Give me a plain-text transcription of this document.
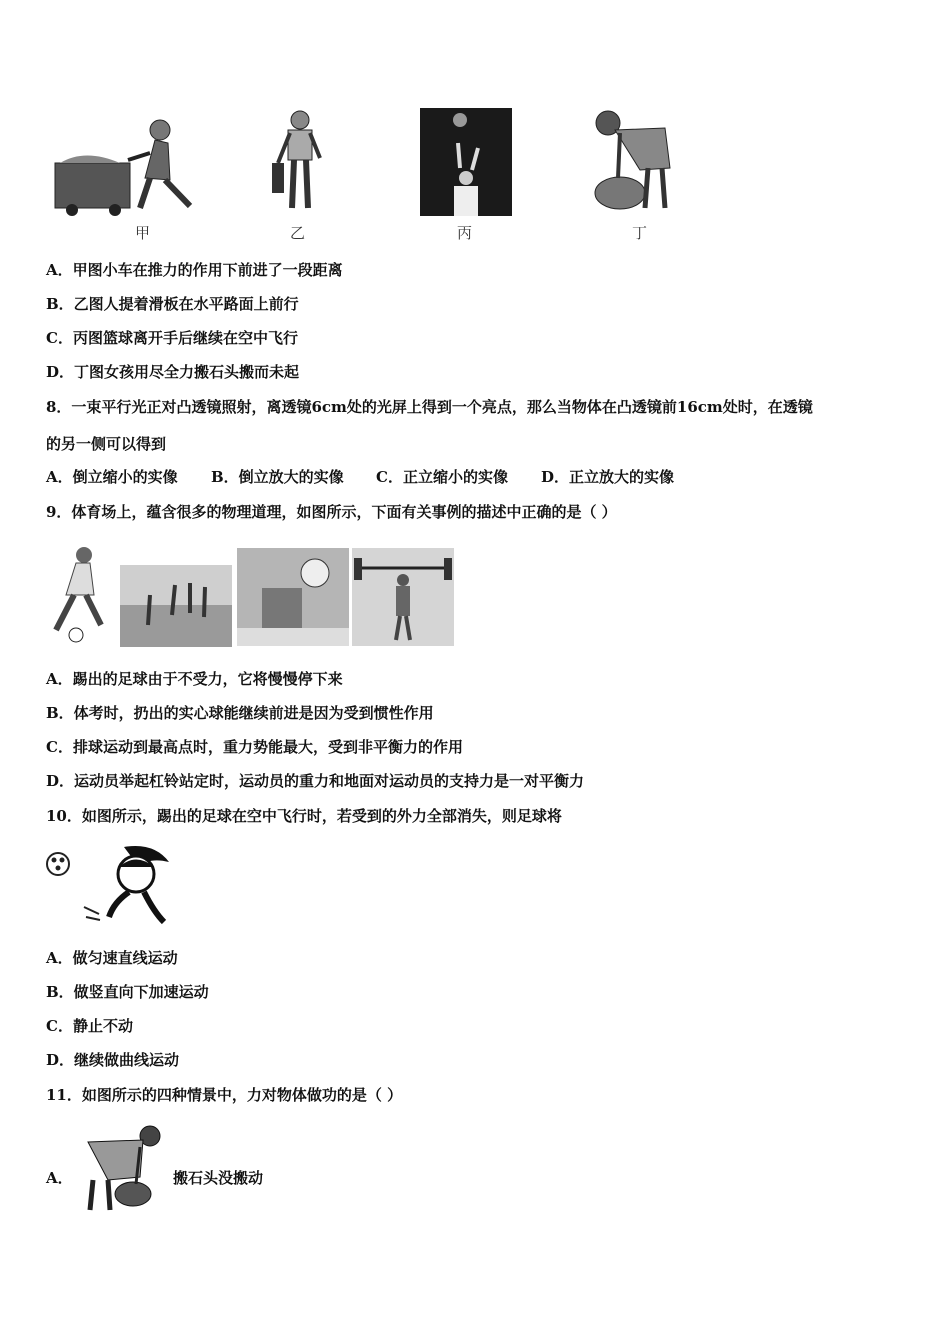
甲	乙	丙	丁
A．甲图小车在推力的作用下前进了一段距离
B．乙图人提着滑板在水平路面上前行
C．丙图篮球离开手后继续在空中飞行
D．丁图女孩用尽全力搬石头搬而未起
8．一束平行光正对凸透镜照射，离透镜6cm处的光屏上得到一个亮点，那么当物体在凸透镜前16cm处时，在透镜
的另一侧可以得到
A．倒立缩小的实像 B．倒立放大的实像 C．正立缩小的实像 D．正立放大的实像
9．体育场上，蕴含很多的物理道理，如图所示，下面有关事例的描述中正确的是（ ）
A．踢出的足球由于不受力，它将慢慢停下来
B．体考时，扔出的实心球能继续前进是因为受到惯性作用
C．排球运动到最高点时，重力势能最大，受到非平衡力的作用
D．运动员举起杠铃站定时，运动员的重力和地面对运动员的支持力是一对平衡力
10．如图所示，踢出的足球在空中飞行时，若受到的外力全部消失，则足球将
A．做匀速直线运动
B．做竖直向下加速运动
C．静止不动
D．继续做曲线运动
11．如图所示的四种情景中，力对物体做功的是（ ）
A．	搬石头没搬动
